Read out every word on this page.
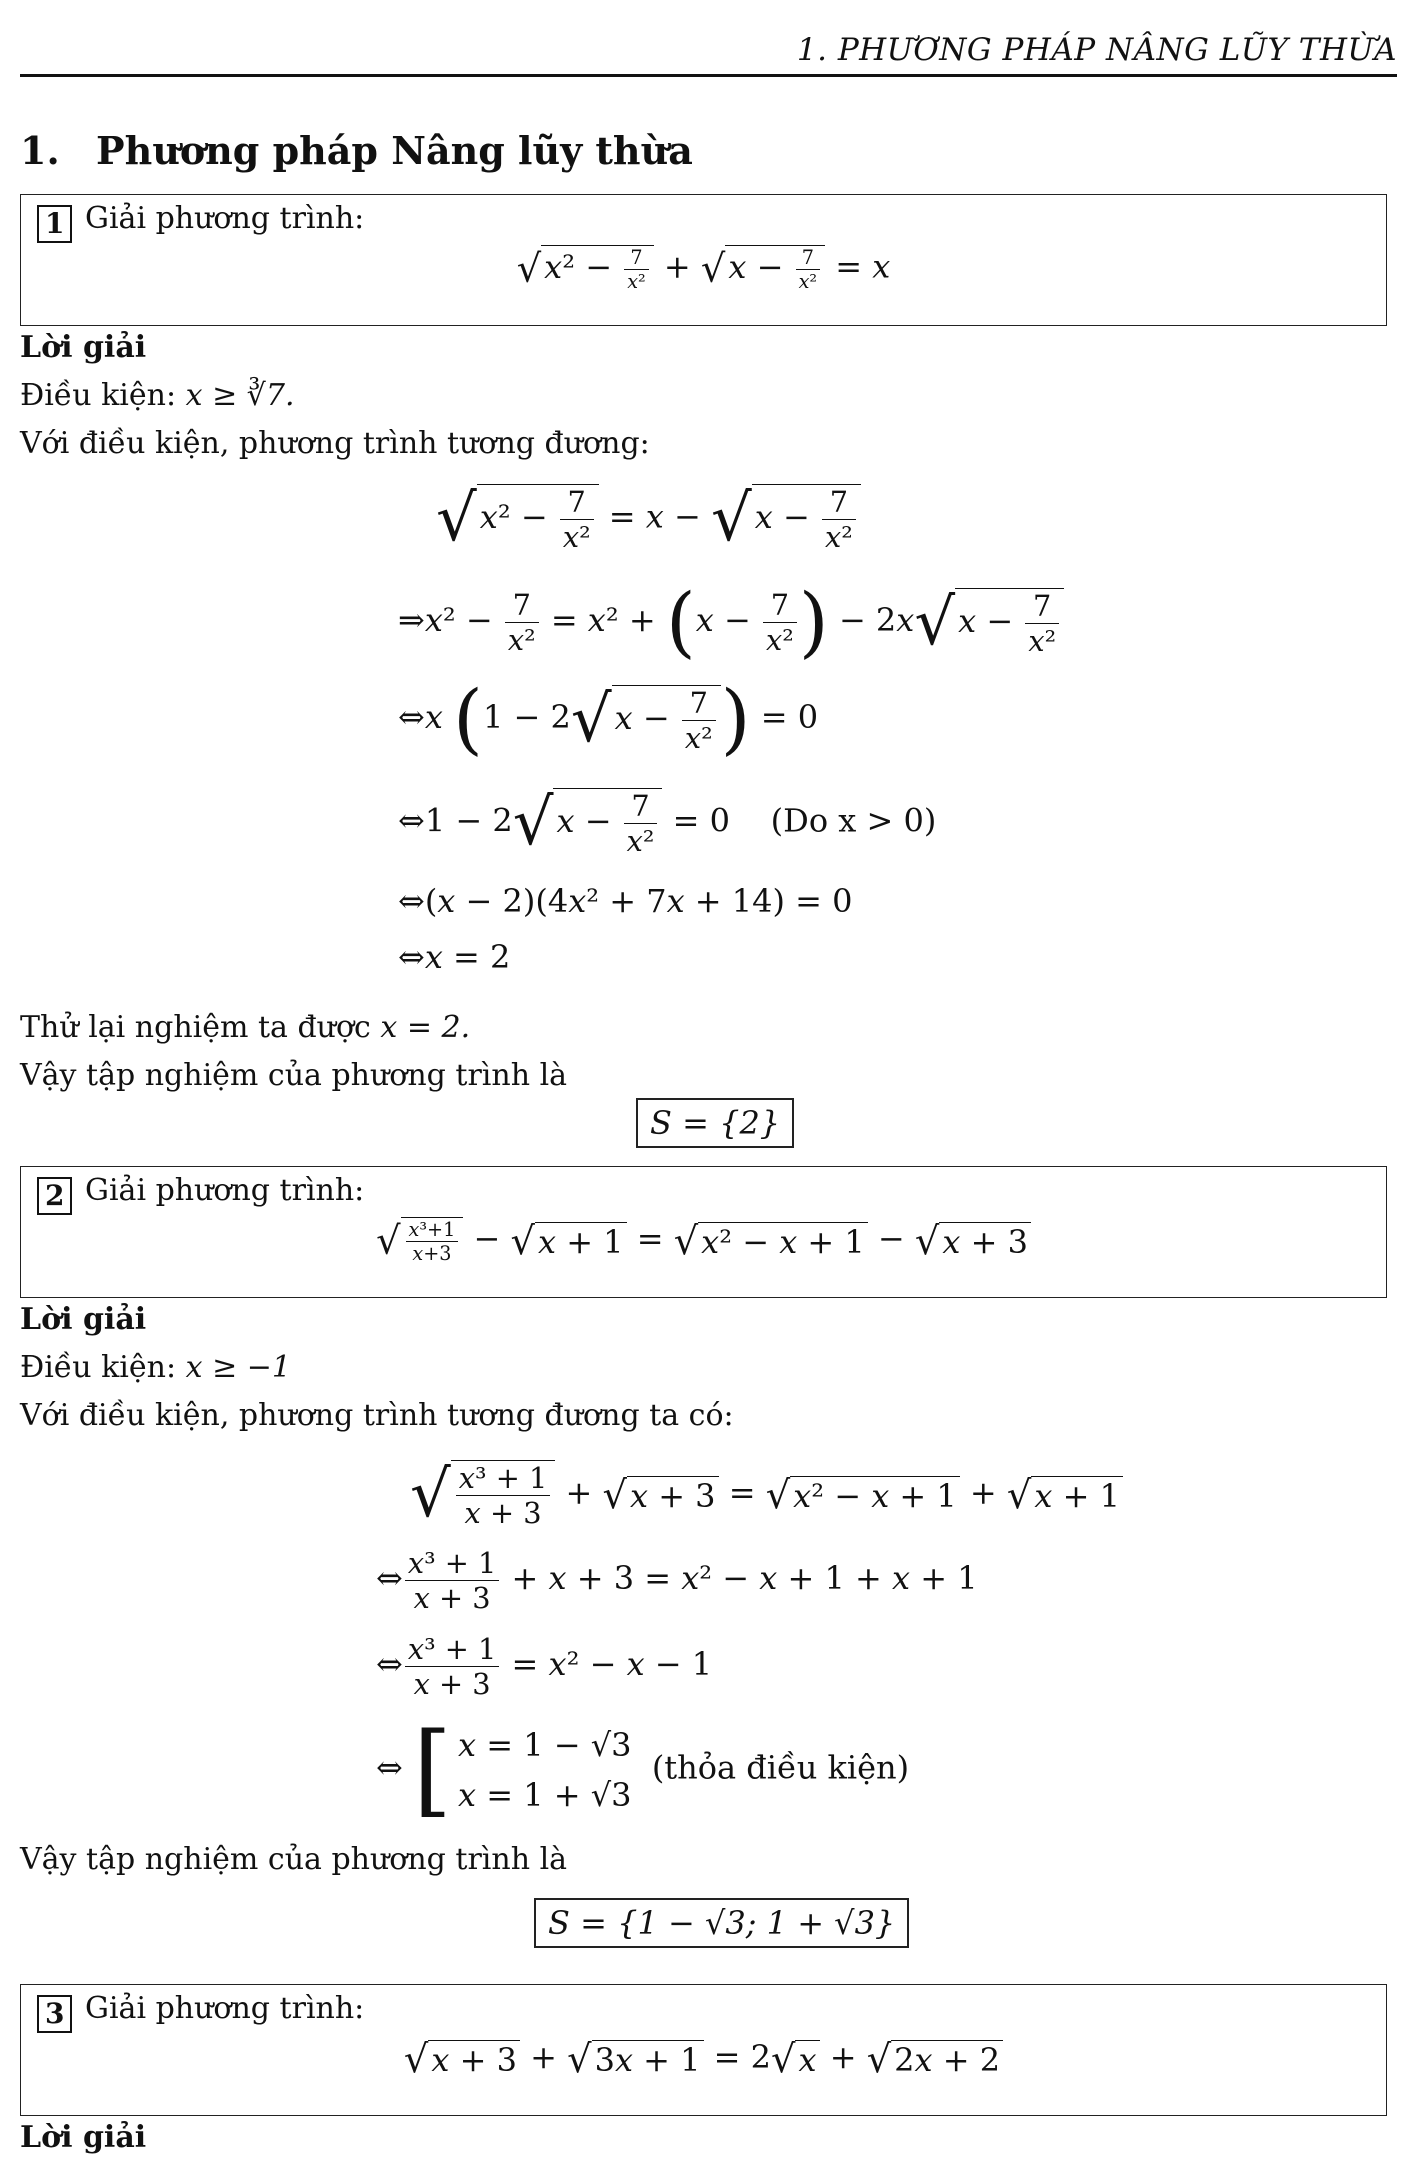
1. PHƯƠNG PHÁP NÂNG LŨY THỪA
1. Phương pháp Nâng lũy thừa
1 Giải phương trình:
$√x^2 - \frac{7}{\text{x²}} + √x - \frac{7}{\text{x²}} = x$
Lời giải
Điều kiện: x ≥ ∛7.
Với điều kiện, phương trình tương đương:
$√x^2 - \frac{7}{\text{x²}} = x - √x - \frac{7}{\text{x²}}$
⇒x² − $\frac{7}{\text{x²}} = x^2 + (x - \frac{7}{\text{x²}}$ ) − $2x√x - \frac{7}{\text{x²}}$
⇔x ($1 - 2√x - \frac{7}{\text{x²}}$ ) = 0
⇔1 − $2√x - \frac{7}{\text{x²}} = 0$    (Do x > 0)
⇔(x − 2)(4x² + 7x + 14) = 0
⇔x = 2
Thử lại nghiệm ta được x = 2.
Vậy tập nghiệm của phương trình là
S = {2}
2 Giải phương trình:
√ $\frac{\text{x³+1}}{x+3} - √x + 1 = √x^2 - x + 1 - √x + 3$
Lời giải
Điều kiện: x ≥ −1
Với điều kiện, phương trình tương đương ta có:
√ $\frac{\text{x³ + 1}}{x + 3} + √x + 3 = √x^2 - x + 1 + √x + 1$
⇔ $\frac{\text{x³ + 1}}{x + 3} + x + 3 = x^2 - x + 1 + x + 1$
⇔ $\frac{\text{x³ + 1}}{x + 3} = x^2 - x - 1$
⇔ [ x = 1 − √3
x = 1 + √3
(thỏa điều kiện)
Vậy tập nghiệm của phương trình là
S = {1 − √3; 1 + √3}
3 Giải phương trình:
√x + 3 + √3x + 1 = 2√x + √2x + 2
Lời giải
